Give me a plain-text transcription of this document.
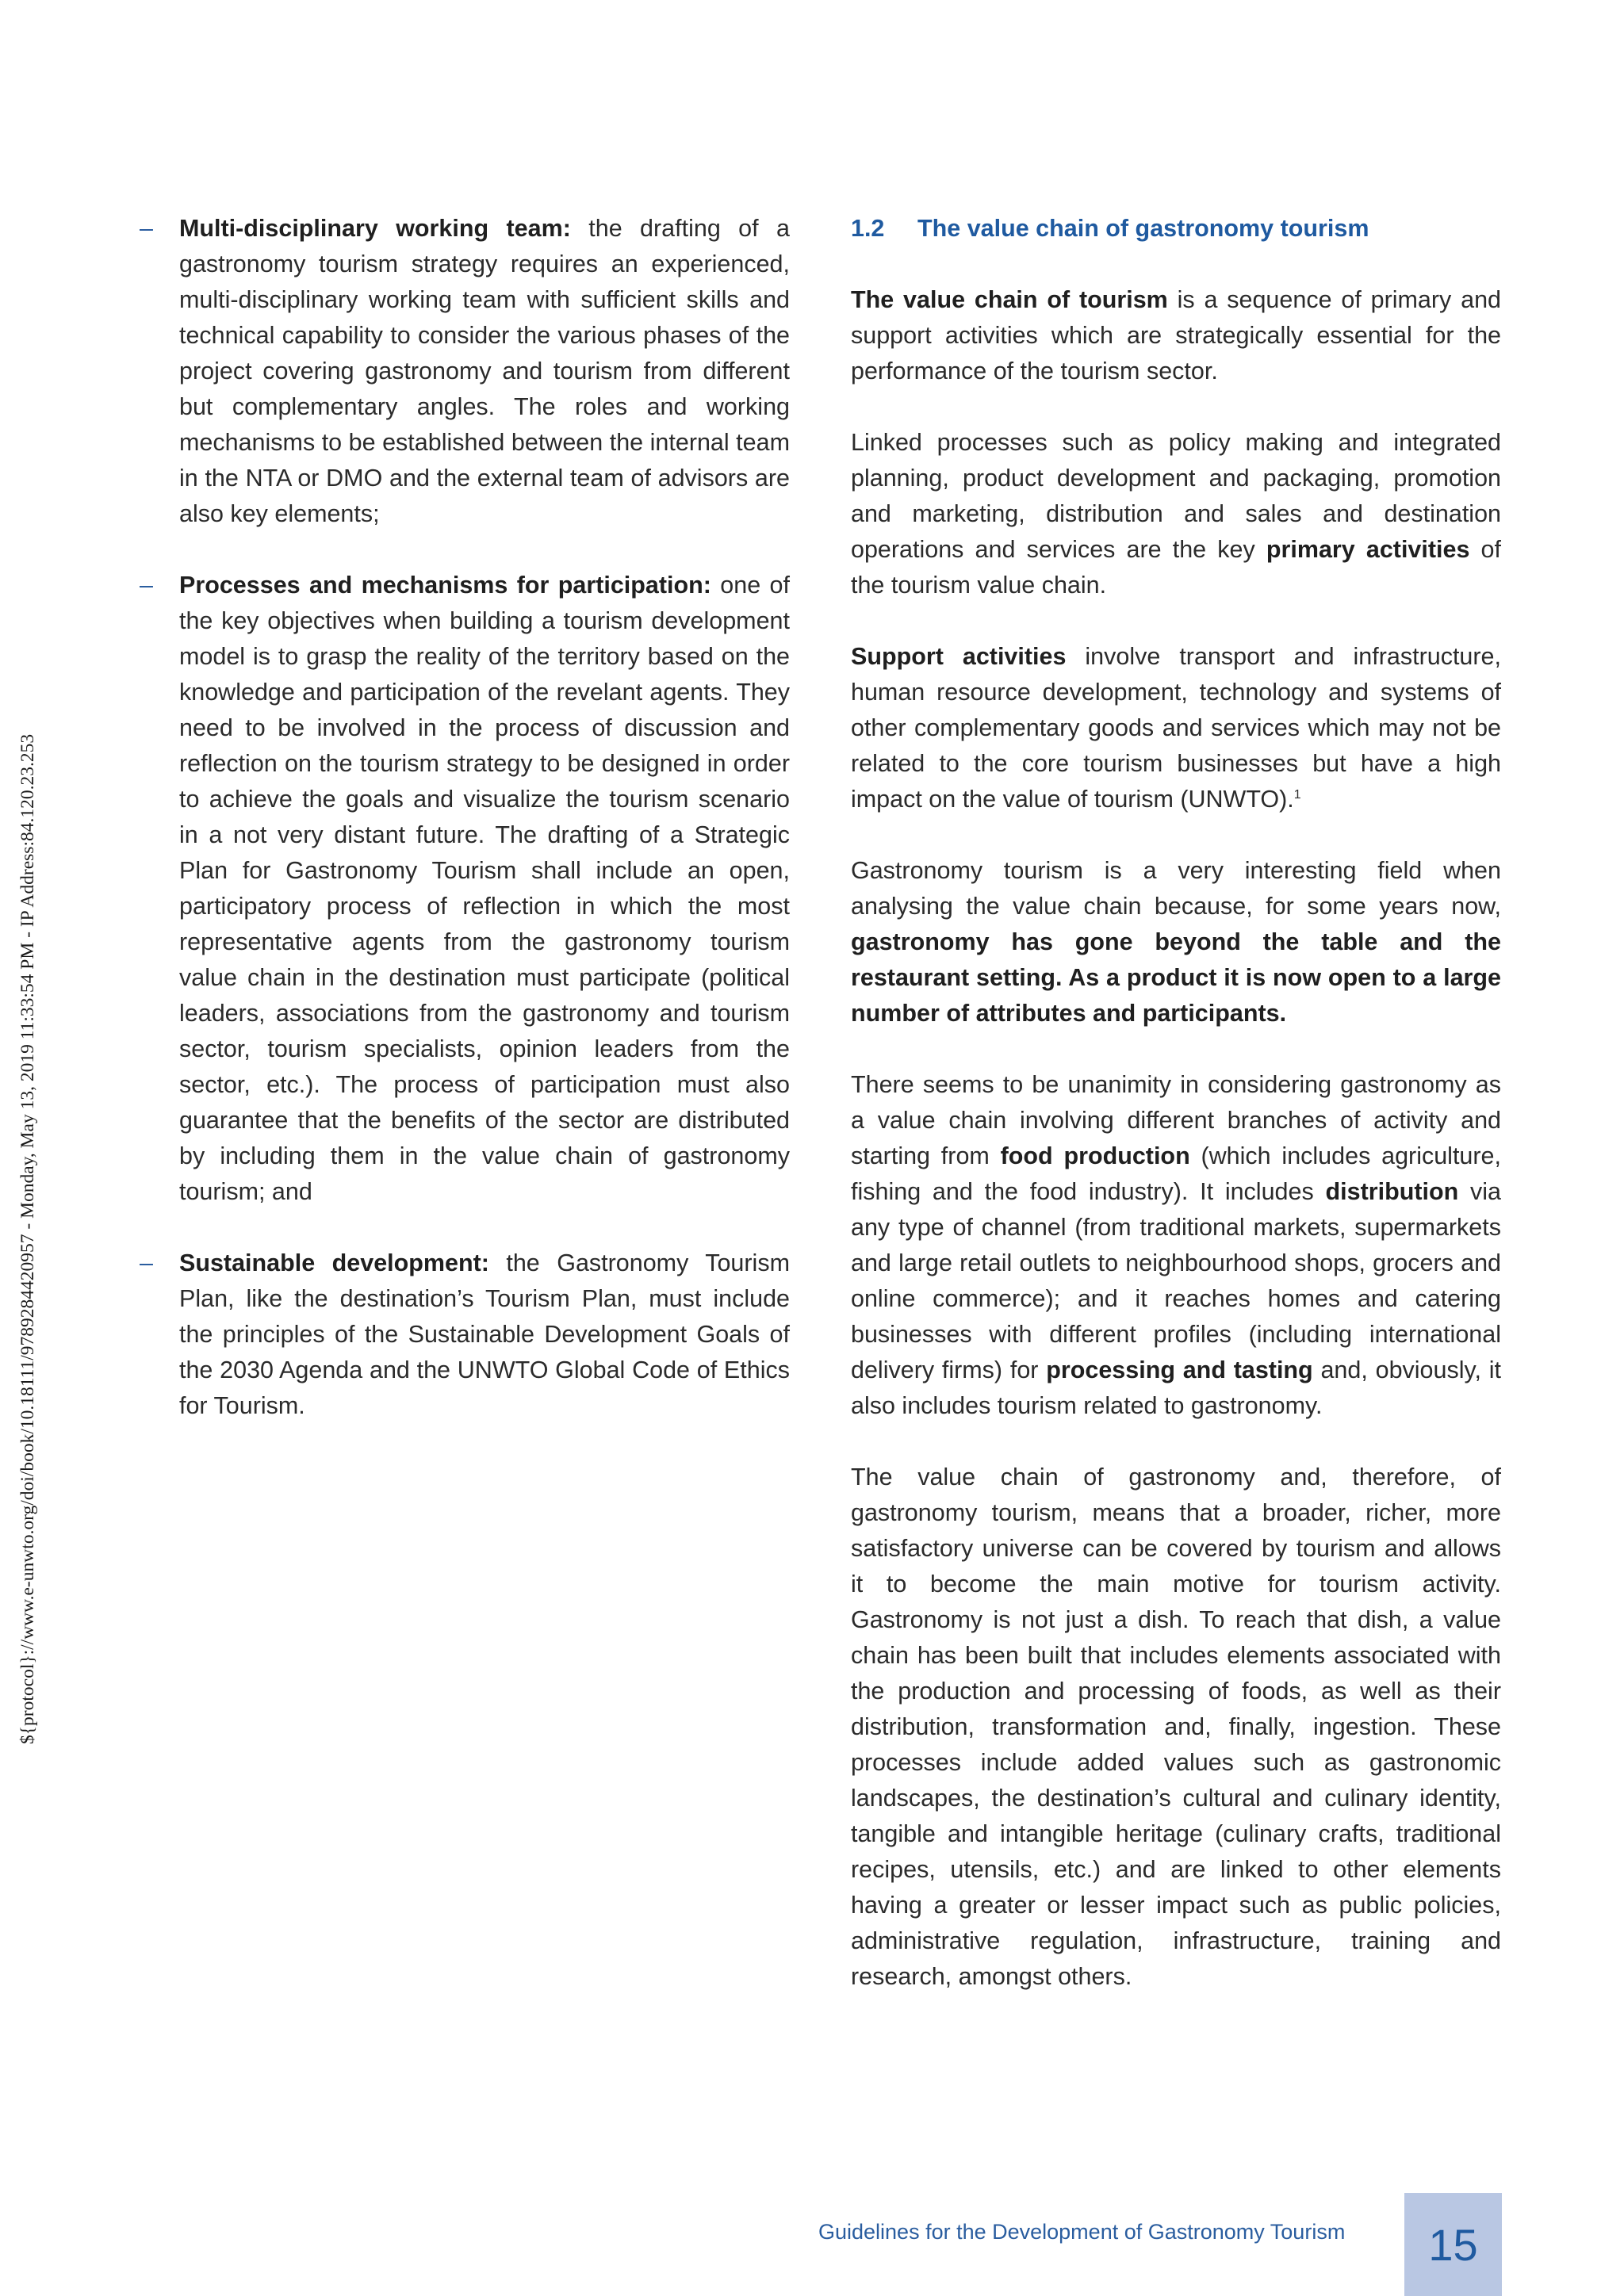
${protocol}://www.e-unwto.org/doi/book/10.18111/9789284420957 - Monday, May 13, 2019 11:33:54 PM - IP Address:84.120.23.253
– Multi-disciplinary working team: the drafting of a gastronomy tourism strategy requires an experienced, multi-disciplinary working team with sufficient skills and technical capability to consider the various phases of the project covering gastronomy and tourism from different but complementary angles. The roles and working mechanisms to be established between the internal team in the NTA or DMO and the external team of advisors are also key elements;

– Processes and mechanisms for participation: one of the key objectives when building a tourism development model is to grasp the reality of the territory based on the knowledge and participation of the revelant agents. They need to be involved in the process of discussion and reflection on the tourism strategy to be designed in order to achieve the goals and visualize the tourism scenario in a not very distant future. The drafting of a Strategic Plan for Gastronomy Tourism shall include an open, participatory process of reflection in which the most representative agents from the gastronomy tourism value chain in the destination must participate (political leaders, associations from the gastronomy and tourism sector, tourism specialists, opinion leaders from the sector, etc.). The process of participation must also guarantee that the benefits of the sector are distributed by including them in the value chain of gastronomy tourism; and

– Sustainable development: the Gastronomy Tourism Plan, like the destination’s Tourism Plan, must include the principles of the Sustainable Development Goals of the 2030 Agenda and the UNWTO Global Code of Ethics for Tourism.

1.2	The value chain of gastronomy tourism

The value chain of tourism is a sequence of primary and support activities which are strategically essential for the performance of the tourism sector.

Linked processes such as policy making and integrated planning, product development and packaging, promotion and marketing, distribution and sales and destination operations and services are the key primary activities of the tourism value chain.

Support activities involve transport and infrastructure, human resource development, technology and systems of other complementary goods and services which may not be related to the core tourism businesses but have a high impact on the value of tourism (UNWTO).$^1$

Gastronomy tourism is a very interesting field when analysing the value chain because, for some years now, gastronomy has gone beyond the table and the restaurant setting. As a product it is now open to a large number of attributes and participants.

There seems to be unanimity in considering gastronomy as a value chain involving different branches of activity and starting from food production (which includes agriculture, fishing and the food industry). It includes distribution via any type of channel (from traditional markets, supermarkets and large retail outlets to neighbourhood shops, grocers and online commerce); and it reaches homes and catering businesses with different profiles (including international delivery firms) for processing and tasting and, obviously, it also includes tourism related to gastronomy.

The value chain of gastronomy and, therefore, of gastronomy tourism, means that a broader, richer, more satisfactory universe can be covered by tourism and allows it to become the main motive for tourism activity. Gastronomy is not just a dish. To reach that dish, a value chain has been built that includes elements associated with the production and processing of foods, as well as their distribution, transformation and, finally, ingestion. These processes include added values such as gastronomic landscapes, the destination’s cultural and culinary identity, tangible and intangible heritage (culinary crafts, traditional recipes, utensils, etc.) and are linked to other elements having a greater or lesser impact such as public policies, administrative regulation, infrastructure, training and research, amongst others.

Guidelines for the Development of Gastronomy Tourism 15
